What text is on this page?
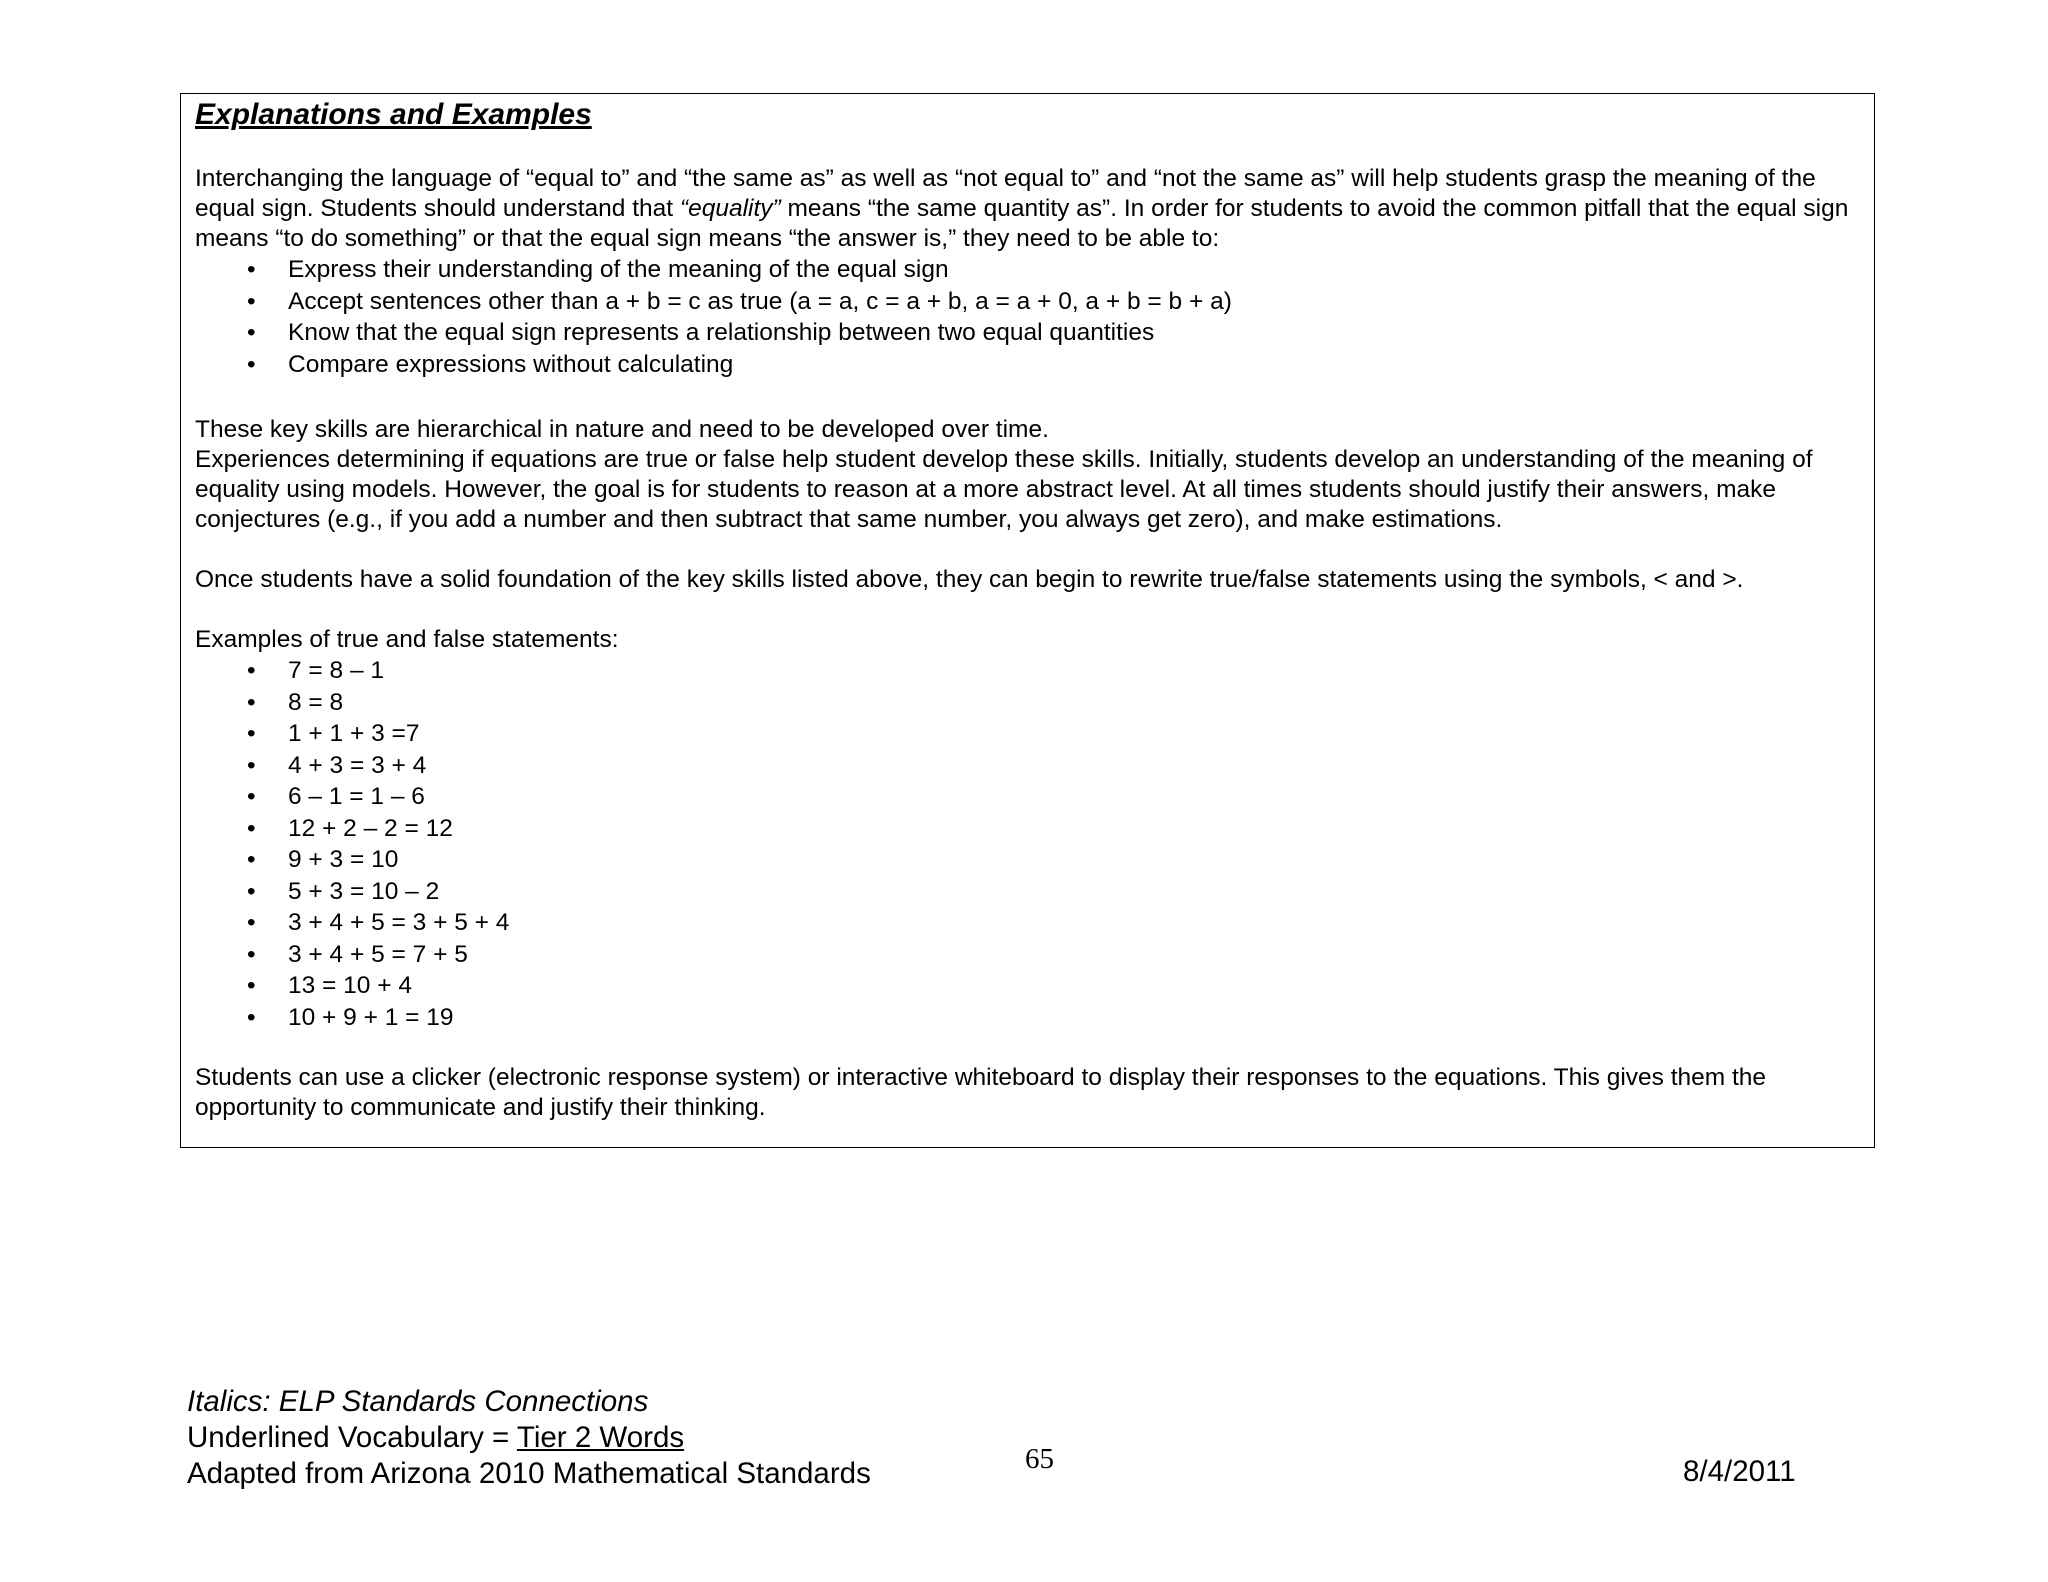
Explanations and Examples

Interchanging the language of “equal to” and “the same as” as well as “not equal to” and “not the same as” will help students grasp the meaning of the equal sign. Students should understand that “equality” means “the same quantity as”. In order for students to avoid the common pitfall that the equal sign means “to do something” or that the equal sign means “the answer is,” they need to be able to:

• Express their understanding of the meaning of the equal sign
• Accept sentences other than a + b = c as true (a = a, c = a + b, a = a + 0, a + b = b + a)
• Know that the equal sign represents a relationship between two equal quantities
• Compare expressions without calculating

These key skills are hierarchical in nature and need to be developed over time.

Experiences determining if equations are true or false help student develop these skills. Initially, students develop an understanding of the meaning of equality using models. However, the goal is for students to reason at a more abstract level. At all times students should justify their answers, make conjectures (e.g., if you add a number and then subtract that same number, you always get zero), and make estimations.

Once students have a solid foundation of the key skills listed above, they can begin to rewrite true/false statements using the symbols, < and >.

Examples of true and false statements:

• 7 = 8 – 1
• 8 = 8
• 1 + 1 + 3 =7
• 4 + 3 = 3 + 4
• 6 – 1 = 1 – 6
• 12 + 2 – 2 = 12
• 9 + 3 = 10
• 5 + 3 = 10 – 2
• 3 + 4 + 5 = 3 + 5 + 4
• 3 + 4 + 5 = 7 + 5
• 13 = 10 + 4
• 10 + 9 + 1 = 19

Students can use a clicker (electronic response system) or interactive whiteboard to display their responses to the equations. This gives them the opportunity to communicate and justify their thinking.

Italics: ELP Standards Connections
Underlined Vocabulary = Tier 2 Words
Adapted from Arizona 2010 Mathematical Standards	65	8/4/2011
